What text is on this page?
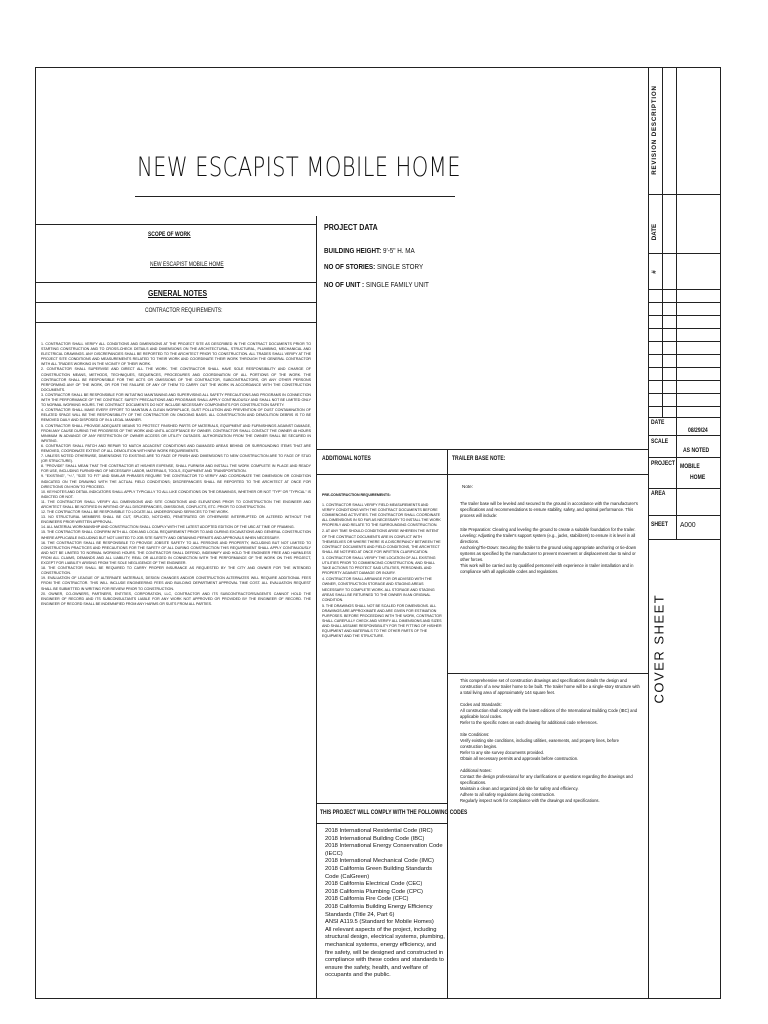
NEW ESCAPIST MOBILE HOME
SCOPE OF WORK
NEW ESCAPIST MOBILE HOME
GENERAL NOTES
CONTRACTOR REQUIREMENTS:
1. CONTRACTOR SHALL VERIFY ALL CONDITIONS AND DIMENSIONS AT THE PROJECT SITE AS DESCRIBED IN THE CONTRACT DOCUMENTS PRIOR TO STARTING CONSTRUCTION AND TO CROSS-CHECK DETAILS AND DIMENSIONS ON THE ARCHITECTURAL, STRUCTURAL, PLUMBING, MECHANICAL AND ELECTRICAL DRAWINGS. ANY DISCREPANCIES SHALL BE REPORTED TO THE ARCHITECT PRIOR TO CONSTRUCTION. ALL TRADES SHALL VERIFY AT THE PROJECT SITE CONDITIONS AND MEASUREMENTS RELATED TO THEIR WORK AND COORDINATE THEIR WORK THROUGH THE GENERAL CONTRACTOR WITH ALL TRADES WORKING IN THE VICINITY OF THEIR WORK.
2. CONTRACTOR SHALL SUPERVISE AND DIRECT ALL THE WORK. THE CONTRACTOR SHALL HAVE SOLE RESPONSIBILITY AND CHARGE OF CONSTRUCTION MEANS, METHODS, TECHNIQUES, SEQUENCES, PROCEDURES AND COORDINATION OF ALL PORTIONS OF THE WORK. THE CONTRACTOR SHALL BE RESPONSIBLE FOR THE ACTS OR OMISSIONS OF THE CONTRACTOR, SUBCONTRACTORS, OR ANY OTHER PERSONS PERFORMING ANY OF THE WORK, OR FOR THE FAILURE OF ANY OF THEM TO CARRY OUT THE WORK IN ACCORDANCE WITH THE CONSTRUCTION DOCUMENTS.
3. CONTRACTOR SHALL BE RESPONSIBLE FOR INITIATING MAINTAINING AND SUPERVISING ALL SAFETY PRECAUTIONS AND PROGRAMS IN CONNECTION WITH THE PERFORMANCE OF THE CONTRACT. SAFETY PRECAUTIONS AND PROGRAMS SHALL APPLY CONTINUOUSLY AND SHALL NOT BE LIMITED ONLY TO NORMAL WORKING HOURS. THE CONTRACT DOCUMENTS DO NOT INCLUDE NECESSARY COMPONENTS FOR CONSTRUCTION SAFETY.
4. CONTRACTOR SHALL MAKE EVERY EFFORT TO MAINTAIN A CLEAN WORKPLACE, DUST POLLUTION AND PREVENTION OF DUST CONTAMINATION OF RELATED SPACE WILL BE THE RESPONSIBILITY OF THE CONTRACTOR ON ONGOING BASIS. ALL CONSTRUCTION AND DEMOLITION DEBRIS IS TO BE REMOVED DAILY AND DISPOSED OF IN A LEGAL MANNER.
5. CONTRACTOR SHALL PROVIDE ADEQUATE MEANS TO PROTECT FINISHED PARTS OF MATERIALS, EQUIPMENT AND FURNISHINGS AGAINST DAMAGE, FROM ANY CAUSE DURING THE PROGRESS OF THE WORK AND UNTIL ACCEPTANCE BY OWNER. CONTRACTOR SHALL CONTACT THE OWNER 48 HOURS MINIMUM IN ADVANCE OF ANY RESTRICTION OF OWNER ACCESS OR UTILITY OUTAGES. AUTHORIZATION FROM THE OWNER SHALL BE SECURED IN WRITING.
6. CONTRACTOR SHALL PATCH AND REPAIR TO MATCH ADJACENT CONDITIONS AND DAMAGED AREAS BEHIND OR SURROUNDING ITEMS THAT ARE REMOVED, COORDINATE EXTENT OF ALL DEMOLITION WITH NEW WORK REQUIREMENTS.
7. UNLESS NOTED OTHERWISE, DIMENSIONS TO EXISTING ARE TO FACE OF FINISH AND DIMENSIONS TO NEW CONSTRUCTION ARE TO FACE OF STUD (OR STRUCTURE).
8. "PROVIDE" SHALL MEAN THAT THE CONTRACTOR AT HIS/HER EXPENSE, SHALL FURNISH AND INSTALL THE WORK COMPLETE IN PLACE AND READY FOR USE, INCLUDING FURNISHING OF NECESSARY LABOR, MATERIALS, TOOLS, EQUIPMENT AND TRANSPORTATION.
9. "EXISTING", "+/-", "SIZE TO FIT" AND SIMILAR PHRASES REQUIRE THE CONTRACTOR TO VERIFY AND COORDINATE THE DIMENSION OR CONDITION INDICATED ON THE DRAWING WITH THE ACTUAL FIELD CONDITIONS; DISCREPANCIES SHALL BE REPORTED TO THE ARCHITECT AT ONCE FOR DIRECTIONS ON HOW TO PROCEED.
10. KEYNOTES AND DETAIL INDICATORS SHALL APPLY TYPICALLY TO ALL LIKE CONDITIONS ON THE DRAWINGS, WHETHER OR NOT "TYP" OR "TYPICAL" IS INDICTED OR NOT.
11. THE CONTRACTOR SHALL VERIFY ALL DIMENSIONS AND SITE CONDITIONS AND ELEVATIONS PRIOR TO CONSTRUCTION THE ENGINEER AND ARCHITECT SHALL BE NOTIFIED IN WRITING OF ALL DISCREPANCIES, OMISSIONS, CONFLICTS, ETC. PRIOR TO CONSTRUCTION.
12. THE CONTRACTOR SHALL BE RESPONSIBLE TO LOCATE ALL UNDERGROUND SERVICES TO THE WORK.
13. NO STRUCTURAL MEMBERS SHALL BE CUT, SPLICED, NOTCHED, PENETRATED OR OTHERWISE INTERRUPTED OR ALTERED WITHOUT THE ENGINEERS PRIOR WRITTEN APPROVAL.
14. ALL MATERIAL WORKMANSHIP AND CONSTRUCTION SHALL COMPLY WITH THE LATEST ADOPTED EDITION OF THE UBC AT TIME OF FRAMING.
15. THE CONTRACTOR SHALL CONFIRM WITH ALL ODM AND LOCAL REQUIREMENT PRIOR TO AND DURING EXCAVATIONS AND GENERAL CONSTRUCTION WHERE APPLICABLE INCLUDING BUT NOT LIMITED TO JOB SITE SAFETY AND OBTAINING PERMITS AND APPROVALS WHEN NECESSARY.
16. THE CONTRACTOR SHALL BE RESPONSIBLE TO PROVIDE JOBSITE SAFETY TO ALL PERSONS AND PROPERTY, INCLUDING BUT NOT LIMITED TO CONSTRUCTION PRACTICES AND PRECAUTIONS FOR THE SAFETY OF ALL DURING CONSTRUCTION THIS REQUIREMENT SHALL APPLY CONTINUOUSLY AND NOT BE LIMITED TO NORMAL WORKING HOURS. THE CONTRACTOR SHALL DEFEND, INDEMNIFY AND HOLD THE ENGINEER FREE AND HARMLESS FROM ALL CLAIMS, DEMANDS AND ALL LIABILITY, REAL OR ALLEGED IN CONNECTION WITH THE PERFORMANCE OF THE WORK ON THIS PROJECT, EXCEPT FOR LIABILITY ARISING FROM THE SOLE NEGLIGENCE OF THE ENGINEER.
18. THE CONTRACTOR SHALL BE REQUIRED TO CARRY PROPER INSURANCE AS REQUESTED BY THE CITY AND OWNER FOR THE INTENDED CONSTRUCTION.
19. EVALUATION OF LEAGUE OF ALTERNATE MATERIALS, DESIGN CHANGES AND/OR CONSTRUCTION ALTERNATES WILL REQUIRE ADDITIONAL FEES FROM THE CONTRACTOR. THIS WILL INCLUDE ENGINEERING FEES AND BUILDING DEPARTMENT APPROVAL TIME COST. ALL EVALUATION REQUEST SHALL BE SUBMITTED IN WRITING FOR REVIEW PRIOR TO CONSTRUCTION.
20. OWNER, CO-OWNERS, PARTNERS, ENTITIES, CORPORATION, LLC, CONTRACTOR AND ITS SUBCONTRACTORS/AGENTS CANNOT HOLD THE ENGINEER OF RECORD AND ITS SUBCONSULTANTS LIABLE FOR ANY WORK NOT APPROVED OR PROVIDED BY THE ENGINEER OF RECORD. THE ENGINEER OF RECORD SHALL BE INDEMNIFIED FROM ANY HARMS OR SUITS FROM ALL PARTIES.
PROJECT DATA
BUILDING HEIGHT: 9'-5" H. MA
NO OF STORIES: SINGLE STORY
NO OF UNIT : SINGLE FAMILY UNIT
ADDITIONAL NOTES
PRE-CONSTRUCTION REQUIREMENTS:
1. CONTRACTOR SHALL VERIFY FIELD MEASUREMENTS AND VERIFY CONDITIONS WITH THE CONTRACT DOCUMENTS BEFORE COMMENCING ACTIVITIES. THE CONTRACTOR SHALL COORDINATE ALL DIMENSIONS IN SO FAR AS NECESSARY TO INSTALL THE WORK PROPERLY AND RELATE TO THE SURROUNDING CONSTRUCTION.
2. AT ANY TIME SHOULD CONDITIONS ARISE WHEREIN THE INTENT OF THE CONTRACT DOCUMENTS ARE IN CONFLICT WITH THEMSELVES OR WHERE THERE IS A DISCREPANCY BETWEEN THE CONTRACT DOCUMENTS AND FIELD CONDITIONS, THE ARCHITECT SHALL BE NOTIFIED AT ONCE FOR WRITTEN CLARIFICATION.
3. CONTRACTOR SHALL VERIFY THE LOCATION OF ALL EXISTING UTILITIES PRIOR TO COMMENCING CONSTRUCTION, AND SHALL TAKE ACTIONS TO PROTECT SAID UTILITIES, PERSONNEL AND PROPERTY AGAINST DAMAGE OR INJURY.
4. CONTRACTOR SHALL ARRANGE FOR OR ADVISED WITH THE OWNER, CONSTRUCTION STORAGE AND STAGING AREAS NECESSARY TO COMPLETE WORK. ALL STORAGE AND STAGING AREAS SHALL BE RETURNED TO THE OWNER IN AN ORIGINAL CONDITION.
5. THE DRAWINGS SHALL NOT BE SCALED FOR DIMENSIONS. ALL DRAWINGS ARE APPROXIMATE AND ARE GIVEN FOR ESTIMATION PURPOSES. BEFORE PROCEEDING WITH THE WORK, CONTRACTOR SHALL CAREFULLY CHECK AND VERIFY ALL DIMENSIONS AND SIZES AND SHALL ASSUME RESPONSIBILITY FOR THE FITTING OF HIS/HER EQUIPMENT AND MATERIALS TO THE OTHER PARTS OF THE EQUIPMENT AND THE STRUCTURE.
THIS PROJECT WILL COMPLY WITH THE FOLLOWING CODES
2018 International Residential Code (IRC)
2018 International Building Code (IBC)
2018 International Energy Conservation Code (IECC)
2018 International Mechanical Code (IMC)
2018 California Green Building Standards Code (CalGreen)
2018 California Electrical Code (CEC)
2018 California Plumbing Code (CPC)
2018 California Fire Code (CFC)
2018 California Building Energy Efficiency Standards (Title 24, Part 6)
ANSI A119.5 (Standard for Mobile Homes)
All relevant aspects of the project, including structural design, electrical systems, plumbing, mechanical systems, energy efficiency, and fire safety, will be designed and constructed in compliance with these codes and standards to ensure the safety, health, and welfare of occupants and the public.
TRAILER BASE NOTE:
Note:

The trailer base will be leveled and secured to the ground in accordance with the manufacturer's specifications and recommendations to ensure stability, safety, and optimal performance. This process will include:

Site Preparation: Clearing and leveling the ground to create a suitable foundation for the trailer.

Leveling: Adjusting the trailer's support system (e.g., jacks, stabilizers) to ensure it is level in all directions.

Anchoring/Tie-Down: Securing the trailer to the ground using appropriate anchoring or tie-down systems as specified by the manufacturer to prevent movement or displacement due to wind or other forces.

This work will be carried out by qualified personnel with experience in trailer installation and in compliance with all applicable codes and regulations.

This comprehensive set of construction drawings and specifications details the design and construction of a new trailer home to be built. The trailer home will be a single-story structure with a total living area of approximately 144 square feet.

Codes and Standards:

All construction shall comply with the latest editions of the International Building Code (IBC) and applicable local codes.

Refer to the specific notes on each drawing for additional code references.

Site Conditions:

Verify existing site conditions, including utilities, easements, and property lines, before construction begins.

Refer to any site survey documents provided.

Obtain all necessary permits and approvals before construction.

Additional Notes:

Contact the design professional for any clarifications or questions regarding the drawings and specifications.

Maintain a clean and organized job site for safety and efficiency.

Adhere to all safety regulations during construction.

Regularly inspect work for compliance with the drawings and specifications.

#
DATE
REVISION DESCRIPTION
DATE
08/29/24
SCALE
AS NOTED
PROJECT MOBILE
HOME
AREA
SHEET A000
COVER SHEET
